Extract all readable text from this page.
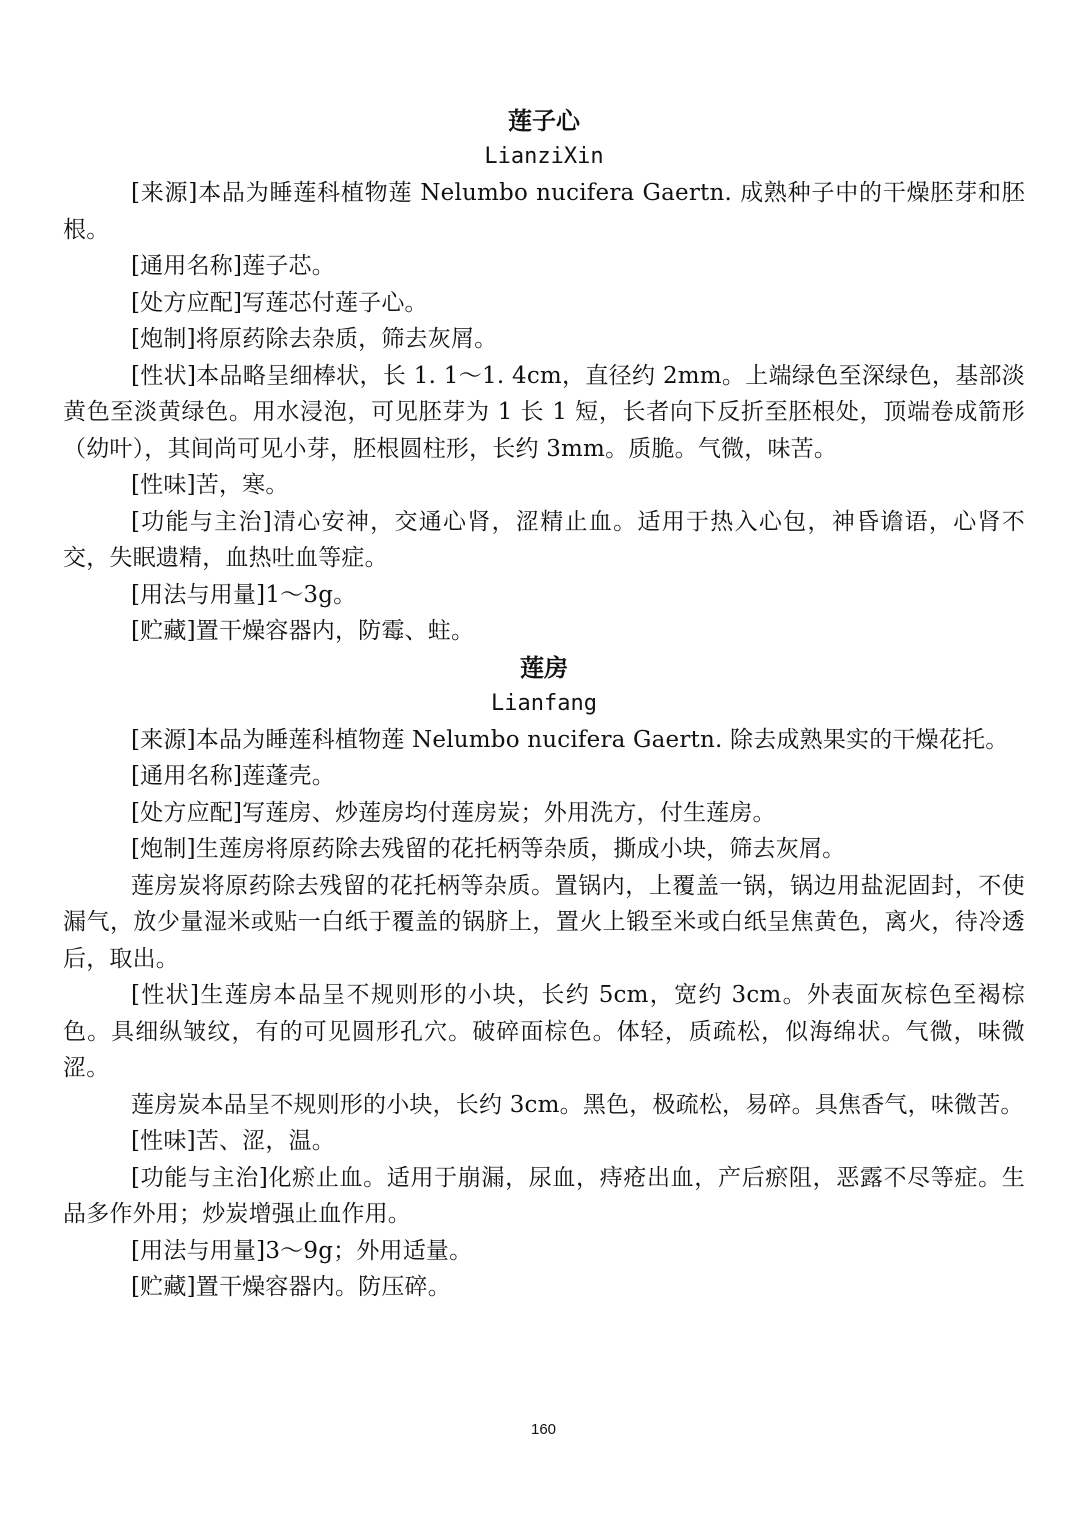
莲子心
LianziXin

[来源]本品为睡莲科植物莲 Nelumbo nucifera Gaertn. 成熟种子中的干燥胚芽和胚根。

[通用名称]莲子芯。

[处方应配]写莲芯付莲子心。

[炮制]将原药除去杂质，筛去灰屑。

[性状]本品略呈细棒状，长 1. 1～1. 4cm，直径约 2mm。上端绿色至深绿色，基部淡黄色至淡黄绿色。用水浸泡，可见胚芽为 1 长 1 短，长者向下反折至胚根处，顶端卷成箭形（幼叶），其间尚可见小芽，胚根圆柱形，长约 3mm。质脆。气微，味苦。

[性味]苦，寒。

[功能与主治]清心安神，交通心肾，涩精止血。适用于热入心包，神昏谵语，心肾不交，失眠遗精，血热吐血等症。

[用法与用量]1～3g。

[贮藏]置干燥容器内，防霉、蛀。

莲房
Lianfang

[来源]本品为睡莲科植物莲 Nelumbo nucifera Gaertn. 除去成熟果实的干燥花托。

[通用名称]莲蓬壳。

[处方应配]写莲房、炒莲房均付莲房炭；外用洗方，付生莲房。

[炮制]生莲房将原药除去残留的花托柄等杂质，撕成小块，筛去灰屑。

莲房炭将原药除去残留的花托柄等杂质。置锅内，上覆盖一锅，锅边用盐泥固封，不使漏气，放少量湿米或贴一白纸于覆盖的锅脐上，置火上锻至米或白纸呈焦黄色，离火，待冷透后，取出。

[性状]生莲房本品呈不规则形的小块，长约 5cm，宽约 3cm。外表面灰棕色至褐棕色。具细纵皱纹，有的可见圆形孔穴。破碎面棕色。体轻，质疏松，似海绵状。气微，味微涩。

莲房炭本品呈不规则形的小块，长约 3cm。黑色，极疏松，易碎。具焦香气，味微苦。

[性味]苦、涩，温。

[功能与主治]化瘀止血。适用于崩漏，尿血，痔疮出血，产后瘀阻，恶露不尽等症。生品多作外用；炒炭增强止血作用。

[用法与用量]3～9g；外用适量。

[贮藏]置干燥容器内。防压碎。

160
